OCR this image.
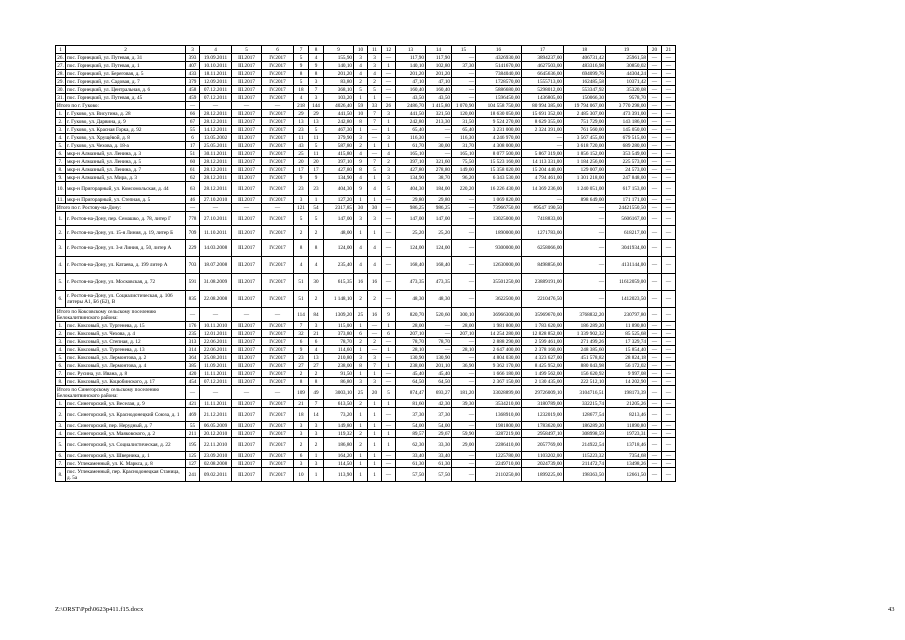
1	2	3	4	5	6	7	8	9	10	11	12	13	14	15	16	17	18	19	20	21
26.	пос. Горнецкий, ул. Путевая, д. 31	393	19.09.2011	III.2017	IV.2017	5	4	155,90	3	3	—	117,90	117,90	—	4326930,00	3894237,00	406731,42	25961,58	—	—
27.	пос. Горнецкий, ул. Путевая, д. 1	407	10.10.2011	III.2017	IV.2017	9	9	140,10	4	3	1	140,10	102,80	37,30	5141670,00	4627503,00	483316,98	30850,02	—	—
28.	пос. Горнецкий, ул. Береговая, д. 5	433	18.11.2011	III.2017	IV.2017	8	8	201,20	4	4	—	201,20	201,20	—	7384040,00	6645636,00	694099,76	44304,24	—	—
29.	пос. Горнецкий, ул. Садовая, д. 7	379	12.09.2011	III.2017	IV.2017	5	3	83,80	2	2	—	47,10	47,10	—	1728570,00	1555713,00	162485,58	10371,42	—	—
30.	пос. Горнецкий, ул. Центральная, д. 6	458	07.12.2011	III.2017	IV.2017	18	7	368,10	5	5	—	160,40	160,40	—	5886680,00	5298012,00	553347,92	35320,08	—	—
31.	пос. Горнецкий, ул. Путевая, д. 45	459	07.12.2011	III.2017	IV.2017	4	3	103,20	1	1	—	43,50	43,50	—	1596450,00	1436805,00	150066,30	9578,70	—	—
Итого по г. Гуково:		—	—	—	—	218	144	4026,40	59	33	26	2486,70	1 415,80	1 070,90	104 558 750,00	80 994 385,00	19 794 067,00	3 770 298,00	—	—
1.	г. Гуково, ул. Висугина, д. 28	66	28.12.2011	III.2017	IV.2017	29	29	441,50	10	7	3	441,50	321,50	120,00	18 630 050,00	15 691 352,00	2 485 307,00	473 391,00	—	—
2.	г. Гуково, ул. Дарвина, д. 9	67	28.12.2011	III.2017	IV.2017	13	13	242,80	8	7	1	242,80	213,30	31,50	9 524 270,00	8 629 355,00	751 729,00	143 186,00	—	—
3.	г. Гуково, ул. Красная Горка, д. 92	55	14.12.2011	III.2017	IV.2017	23	5	467,30	1	—	1	65,40	—	65,40	3 231 000,00	2 324 391,00	761 560,00	145 050,00	—	—
4.	г. Гуково, ул. Хрущёвой, д. 8	6	13.05.2002	III.2017	IV.2017	11	11	379,90	3	—	3	116,30	—	116,30	4 246 970,00	—	3 567 455,00	679 515,00	—	—
5.	г. Гуково, ул. Чехова, д. 18-а	17	25.05.2011	III.2017	IV.2017	43	5	587,80	2	1	1	61,70	30,00	31,70	4 308 000,00	—	3 618 720,00	689 280,00	—	—
6.	мкр-н Алмазный, ул. Ленина, д. 3	51	30.11.2011	III.2017	IV.2017	25	11	415,80	4	—	4	165,10	—	165,10	8 077 500,00	5 867 319,00	1 856 152,00	353 549,00	—	—
7.	мкр-н Алмазный, ул. Ленина, д. 5	60	28.12.2011	III.2017	IV.2017	20	20	397,10	9	7	2	397,10	321,60	75,50	15 523 160,00	14 113 331,00	1 184 256,00	225 573,00	—	—
8.	мкр-н Алмазный, ул. Ленина, д. 7	61	28.12.2011	III.2017	IV.2017	17	17	427,80	8	5	3	427,80	278,80	149,00	15 358 020,00	15 204 440,00	129 007,00	24 573,00	—	—
9.	мкр-н Алмазный, ул. Мира, д. 3	62	28.12.2011	III.2017	IV.2017	9	9	134,90	4	1	3	134,90	38,70	96,20	6 343 530,00	4 794 461,00	1 301 218,00	247 848,00	—	—
10.	мкр-н Пригорарный, ул. Комсомольская, д. 44	63	28.12.2011	III.2017	IV.2017	23	23	404,30	9	4	5	404,30	184,00	220,20	16 226 430,00	14 369 236,00	1 240 051,00	617 153,00	—	—
11.	мкр-н Пригорарный, ул. Степная, д. 5	46	27.10.2010	III.2017	IV.2017	3	1	127,20	1	1	—	29,80	29,80	—	1 069 820,00	—	898 649,00	171 171,00	—	—
Итого по г. Ростову-на-Дону:		—	—	—	—	121	54	2317,85	30	30	—	986,25	986,25	—	73966750,00	#9547 190,50	—	24421550,50	—	—
1.	г. Ростов-на-Дону, пер. Семашко, д. 78, литер Г	778	27.10.2011	III.2017	IV.2017	5	5	147,00	3	3	—	147,00	147,00	—	13025000,00	7418833,00	—	5606167,00	—	—
2.	г. Ростов-на-Дону, ул. 15-я Линия, д. 19, литер Б	709	11.10.2011	III.2017	IV.2017	2	2	48,00	1	1	—	25,20	25,20	—	1890000,00	1271783,00	—	618217,00	—	—
3.	г. Ростов-на-Дону, ул. 3-я Линия, д. 50, литер А	229	14.03.2008	III.2017	IV.2017	8	8	124,00	4	4	—	124,00	124,00	—	9300000,00	6258066,00	—	3041934,00	—	—
4.	г. Ростов-на-Дону, ул. Катаева, д. 199 литер А	703	18.07.2008	III.2017	IV.2017	4	4	235,40	4	4	—	168,40	168,40	—	12630000,00	8498856,00	—	4131144,00	—	—
5.	г. Ростов-на-Дону, ул. Московская, д. 72	591	31.08.2009	III.2017	IV.2017	51	30	615,35	16	16	—	473,35	473,35	—	35501250,00	23889191,00	—	11612059,00	—	—
6.	г. Ростов-на-Дону, ул. Социалистическая, д. 106 литеры А1, Б6 (Б2), В	835	22.08.2008	III.2017	IV.2017	51	2	1 148,10	2	2	—	48,30	48,30	—	3622500,00	2210476,50	—	1412023,50	—	—
Итого по Коксовскому сельскому поселению Белокалитвинского района:		—	—	—	—	114	84	1309,20	25	16	9	820,70	520,60	300,10	36966300,00	35969670,00	3768832,20	230797,80	—	—
1.	пос. Коксовый, ул. Тургенева, д. 15	176	10.11.2010	III.2017	IV.2017	7	3	115,00	1	—	1	28,00	—	28,00	1 981 800,00	1 783 620,00	186 289,20	11 890,80	—	—
2.	пос. Коксовый, ул. Чехова, д. 4	235	12.01.2011	III.2017	IV.2017	32	21	373,80	6	—	6	207,10	—	207,10	14 254 280,00	12 828 852,00	1 339 902,32	85 525,68	—	—
3.	пос. Коксовый, ул. Степная, д. 12	313	22.06.2011	III.2017	IV.2017	6	6	78,70	2	2	—	78,70	78,70	—	2 888 290,00	2 599 461,00	271 499,26	17 329,74	—	—
4.	пос. Коксовый, ул. Тургенева, д. 13	314	22.06.2011	III.2017	IV.2017	9	4	114,60	1	—	1	28,10	—	28,10	2 647 400,00	2 378 160,00	248 385,60	15 854,40	—	—
5.	пос. Коксовый, ул. Лермонтова, д. 2	364	25.08.2011	III.2017	IV.2017	23	13	210,80	3	3	—	130,90	130,90	—	4 804 030,00	4 323 627,00	451 578,82	28 824,18	—	—
6.	пос. Коксовый, ул. Лермонтова, д. 4	385	11.09.2011	III.2017	IV.2017	27	27	238,00	8	7	1	238,00	201,10	36,90	9 362 170,00	8 425 952,00	880 043,98	56 172,02	—	—
7.	пос. Русина, ул. Ивана, д. 8	420	11.11.2011	III.2017	IV.2017	2	2	91,50	1	1	—	45,40	45,40	—	1 666 180,00	1 499 562,00	156 620,92	9 997,08	—	—
8.	пос. Коксовый, ул. Коцюбинского, д. 17	454	07.12.2011	III.2017	IV.2017	8	8	86,80	3	3	—	64,50	64,50	—	2 367 150,00	2 130 435,00	222 512,10	14 202,90	—	—
Итого по Синегорскому сельскому поселению Белокалитвинского района:		—	—	—	—	109	49	3003,10	25	20	5	874,47	693,27	181,20	33028899,00	29726009,10	3104716,51	198173,39	—	—
1.	пос. Синегорский, ул. Веселая, д. 9	421	11.11.2011	III.2017	IV.2017	21	7	613,50	2	1	1	81,60	42,30	39,30	3534210,00	3180789,00	332215,74	21205,26	—	—
2.	пос. Синегорский, ул. Краснодонецкий Союза, д. 1	469	21.12.2011	III.2017	IV.2017	18	14	73,20	1	1	—	37,30	37,30	—	1368910,00	1232019,00	128677,54	8213,46	—	—
3.	пос. Синегорский, пер. Нерудный, д. 7	55	06.05.2009	III.2017	IV.2017	3	3	149,80	1	1	—	54,00	54,00	—	1981800,00	1783620,00	186289,20	11890,80	—	—
4.	пос. Синегорский, ул. Маяковского, д. 2	211	20.12.2010	III.2017	IV.2017	3	3	119,32	2	1	1	89,57	29,67	59,90	3287219,00	2958497,10	308998,59	19723,31	—	—
5.	пос. Синегорский, ул. Социалистическая, д. 22	195	22.11.2010	III.2017	IV.2017	2	2	186,80	2	1	1	62,30	33,30	29,00	2286410,00	2057769,00	214922,54	13718,46	—	—
6.	пос. Синегорский, ул. Шверника, д. 1	125	23.09.2010	III.2017	IV.2017	6	1	164,20	1	1	—	33,40	33,40	—	1225780,00	1103202,00	115223,32	7354,68	—	—
7.	пос. Углекаменный, ул. К. Маркса, д. 8	127	02.08.2008	III.2017	IV.2017	3	3	114,50	1	1	—	61,30	61,30	—	2249710,00	2024739,00	211472,74	13498,26	—	—
8.	пос. Углекаменный, пер. Краснодонецкая Станица, д. 5а	241	09.02.2011	III.2017	IV.2017	10	1	113,90	1	1	—	57,50	57,50	—	2110250,00	1899225,00	198363,50	12661,50	—	—
Z:\ORST\Ppd\0623p411.f15.docx	43
